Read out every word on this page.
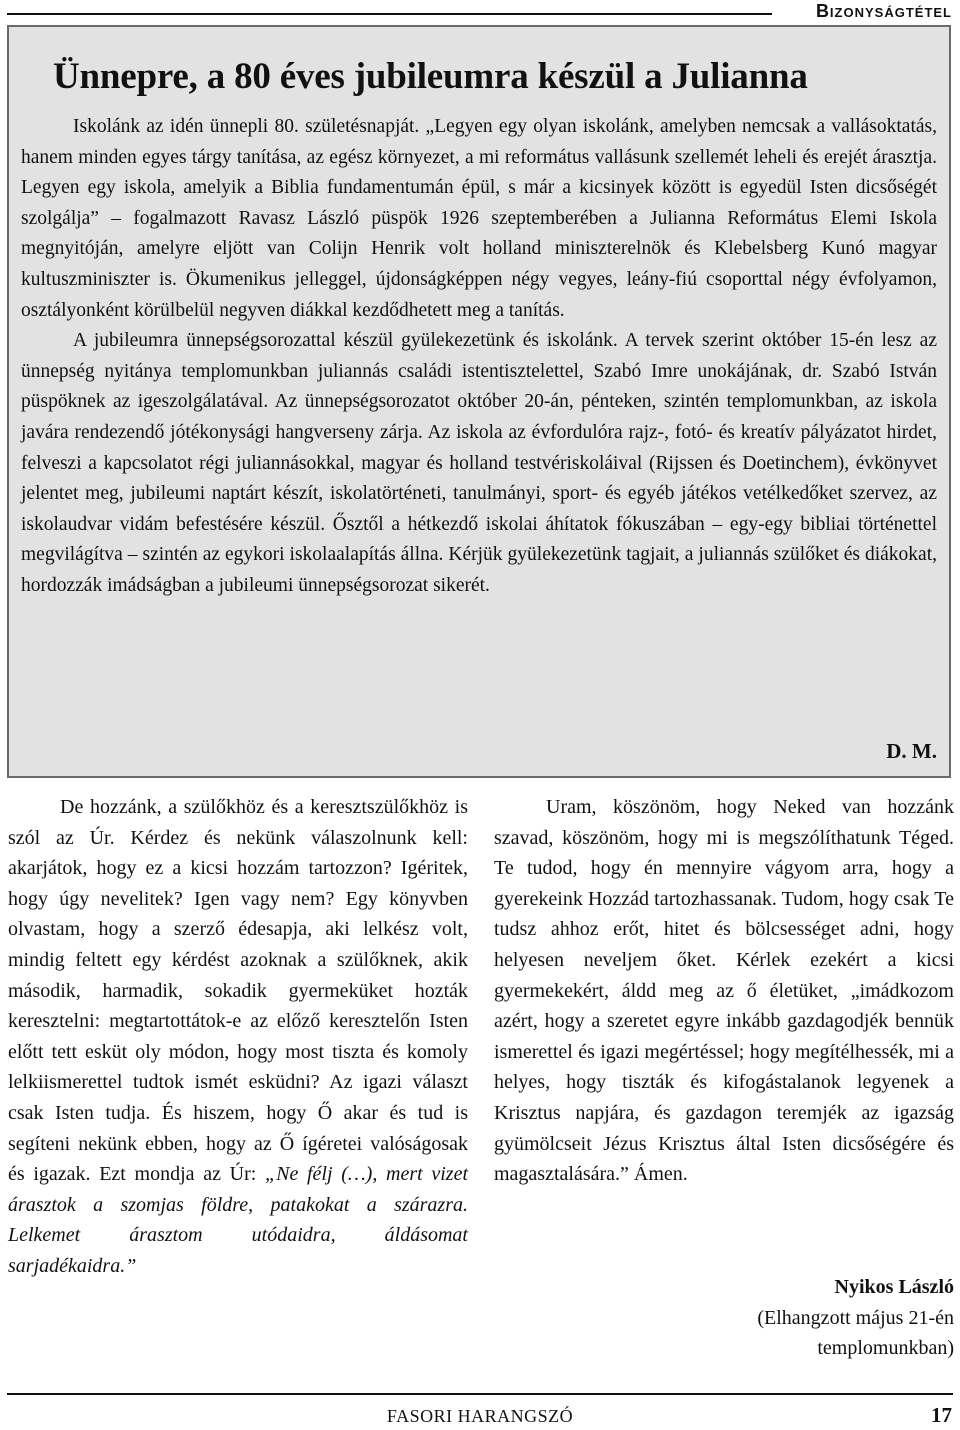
Bizonyságtétel
Ünnepre, a 80 éves jubileumra készül a Julianna

Iskolánk az idén ünnepli 80. születésnapját. „Legyen egy olyan iskolánk, amelyben nemcsak a vallásoktatás, hanem minden egyes tárgy tanítása, az egész környezet, a mi református vallásunk szellemét leheli és erejét árasztja. Legyen egy iskola, amelyik a Biblia fundamentumán épül, s már a kicsinyek között is egyedül Isten dicsőségét szolgálja” – fogalmazott Ravasz László püspök 1926 szeptemberében a Julianna Református Elemi Iskola megnyitóján, amelyre eljött van Colijn Henrik volt holland miniszterelnök és Klebelsberg Kunó magyar kultuszminiszter is. Ökumenikus jelleggel, újdonságképpen négy vegyes, leány-fiú csoporttal négy évfolyamon, osztályonként körülbelül negyven diákkal kezdődhetett meg a tanítás.

A jubileumra ünnepségsorozattal készül gyülekezetünk és iskolánk. A tervek szerint október 15-én lesz az ünnepség nyitánya templomunkban juliannás családi istentisztelettel, Szabó Imre unokájának, dr. Szabó István püspöknek az igeszolgálatával. Az ünnepségsorozatot október 20-án, pénteken, szintén templomunkban, az iskola javára rendezendő jótékonysági hangverseny zárja. Az iskola az évfordulóra rajz-, fotó- és kreatív pályázatot hirdet, felveszi a kapcsolatot régi juliannásokkal, magyar és holland testvériskoláival (Rijssen és Doetinchem), évkönyvet jelentet meg, jubileumi naptárt készít, iskolatörténeti, tanulmányi, sport- és egyéb játékos vetélkedőket szervez, az iskolaudvar vidám befestésére készül. Ősztől a hétkezdő iskolai áhítatok fókuszában – egy-egy bibliai történettel megvilágítva – szintén az egykori iskolaalapítás állna. Kérjük gyülekezetünk tagjait, a juliannás szülőket és diákokat, hordozzák imádságban a jubileumi ünnepségsorozat sikerét.

D. M.

De hozzánk, a szülőkhöz és a keresztszülőkhöz is szól az Úr. Kérdez és nekünk válaszolnunk kell: akarjátok, hogy ez a kicsi hozzám tartozzon? Igéritek, hogy úgy nevelitek? Igen vagy nem? Egy könyvben olvastam, hogy a szerző édesapja, aki lelkész volt, mindig feltett egy kérdést azoknak a szülőknek, akik második, harmadik, sokadik gyermeküket hozták keresztelni: megtartottátok-e az előző keresztelőn Isten előtt tett esküt oly módon, hogy most tiszta és komoly lelkiismerettel tudtok ismét esküdni? Az igazi választ csak Isten tudja. És hiszem, hogy Ő akar és tud is segíteni nekünk ebben, hogy az Ő ígéretei valóságosak és igazak. Ezt mondja az Úr: „Ne félj (…), mert vizet árasztok a szomjas földre, patakokat a szárazra. Lelkemet árasztom utódaidra, áldásomat sarjadékaidra.”

Uram, köszönöm, hogy Neked van hozzánk szavad, köszönöm, hogy mi is megszólíthatunk Téged. Te tudod, hogy én mennyire vágyom arra, hogy a gyerekeink Hozzád tartozhassanak. Tudom, hogy csak Te tudsz ahhoz erőt, hitet és bölcsességet adni, hogy helyesen neveljem őket. Kérlek ezekért a kicsi gyermekekért, áldd meg az ő életüket, „imádkozom azért, hogy a szeretet egyre inkább gazdagodjék bennük ismerettel és igazi megértéssel; hogy megítélhessék, mi a helyes, hogy tiszták és kifogástalanok legyenek a Krisztus napjára, és gazdagon teremjék az igazság gyümölcseit Jézus Krisztus által Isten dicsőségére és magasztalására.” Ámen.

Nyikos László
(Elhangzott május 21-én
templomunkban)
FASORI HARANGSZÓ	17
